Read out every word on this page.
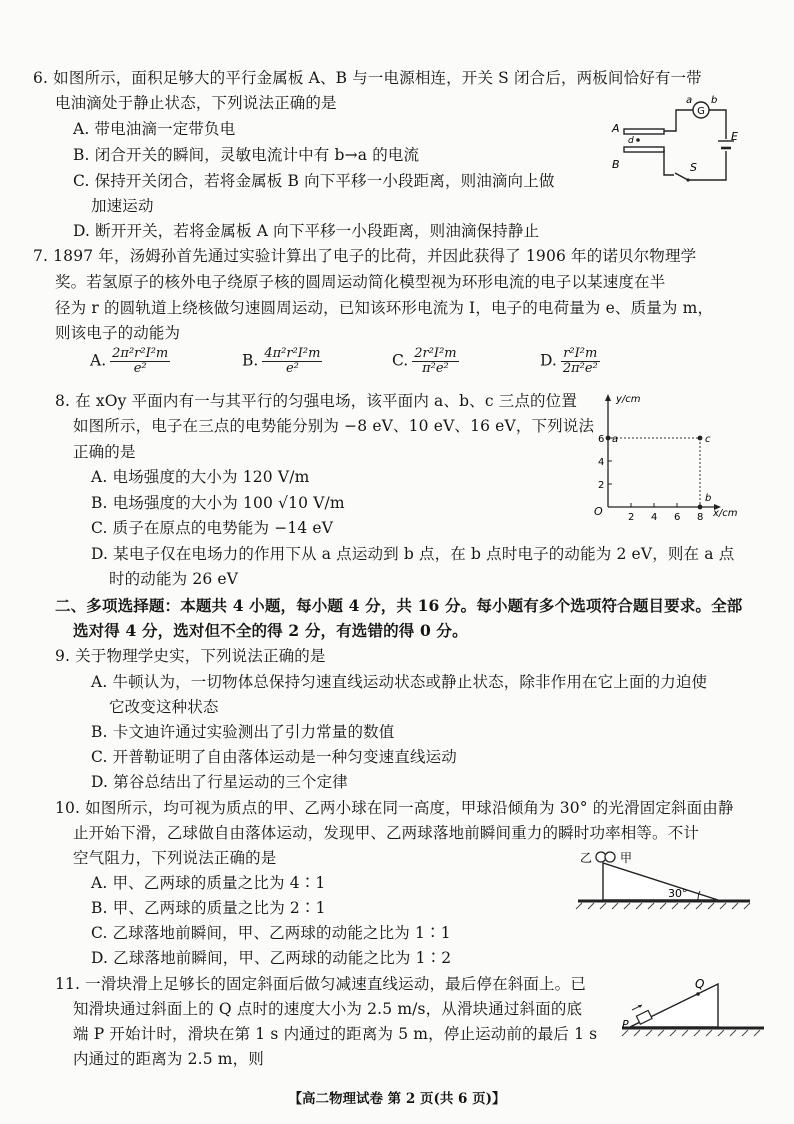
6. 如图所示，面积足够大的平行金属板 A、B 与一电源相连，开关 S 闭合后，两板间恰好有一带
电油滴处于静止状态，下列说法正确的是
A. 带电油滴一定带负电
B. 闭合开关的瞬间，灵敏电流计中有 b→a 的电流
C. 保持开关闭合，若将金属板 B 向下平移一小段距离，则油滴向上做
加速运动
D. 断开开关，若将金属板 A 向下平移一小段距离，则油滴保持静止
G
d
A
B
a b
E
S
7. 1897 年，汤姆孙首先通过实验计算出了电子的比荷，并因此获得了 1906 年的诺贝尔物理学
奖。若氢原子的核外电子绕原子核的圆周运动简化模型视为环形电流的电子以某速度在半
径为 r 的圆轨道上绕核做匀速圆周运动，已知该环形电流为 I，电子的电荷量为 e、质量为 m，
则该电子的动能为
A. $\frac{\text{2π²r²I²m}}{\text{e²}}$	B. $\frac{\text{4π²r²I²m}}{\text{e²}}$	C. $\frac{\text{2r²I²m}}{\text{π²e²}}$	D. $\frac{\text{r²I²m}}{\text{2π²e²}}$
8. 在 xOy 平面内有一与其平行的匀强电场，该平面内 a、b、c 三点的位置
如图所示，电子在三点的电势能分别为 −8 eV、10 eV、16 eV，下列说法
正确的是
A. 电场强度的大小为 120 V/m
B. 电场强度的大小为 100 √10 V/m
C. 质子在原点的电势能为 −14 eV
D. 某电子仅在电场力的作用下从 a 点运动到 b 点，在 b 点时电子的动能为 2 eV，则在 a 点
时的动能为 26 eV
2
4
6
2 4 6 8
a
b
c
O
y/cm
x/cm
二、多项选择题：本题共 4 小题，每小题 4 分，共 16 分。每小题有多个选项符合题目要求。全部
选对得 4 分，选对但不全的得 2 分，有选错的得 0 分。
9. 关于物理学史实，下列说法正确的是
A. 牛顿认为，一切物体总保持匀速直线运动状态或静止状态，除非作用在它上面的力迫使
它改变这种状态
B. 卡文迪许通过实验测出了引力常量的数值
C. 开普勒证明了自由落体运动是一种匀变速直线运动
D. 第谷总结出了行星运动的三个定律
10. 如图所示，均可视为质点的甲、乙两小球在同一高度，甲球沿倾角为 30° 的光滑固定斜面由静
止开始下滑，乙球做自由落体运动，发现甲、乙两球落地前瞬间重力的瞬时功率相等。不计
空气阻力，下列说法正确的是
A. 甲、乙两球的质量之比为 4∶1
B. 甲、乙两球的质量之比为 2∶1
C. 乙球落地前瞬间，甲、乙两球的动能之比为 1∶1
D. 乙球落地前瞬间，甲、乙两球的动能之比为 1∶2
乙 甲
30°
11. 一滑块滑上足够长的固定斜面后做匀减速直线运动，最后停在斜面上。已
知滑块通过斜面上的 Q 点时的速度大小为 2.5 m/s，从滑块通过斜面的底
端 P 开始计时，滑块在第 1 s 内通过的距离为 5 m，停止运动前的最后 1 s
内通过的距离为 2.5 m，则
P
Q
【高二物理试卷 第 2 页(共 6 页)】
